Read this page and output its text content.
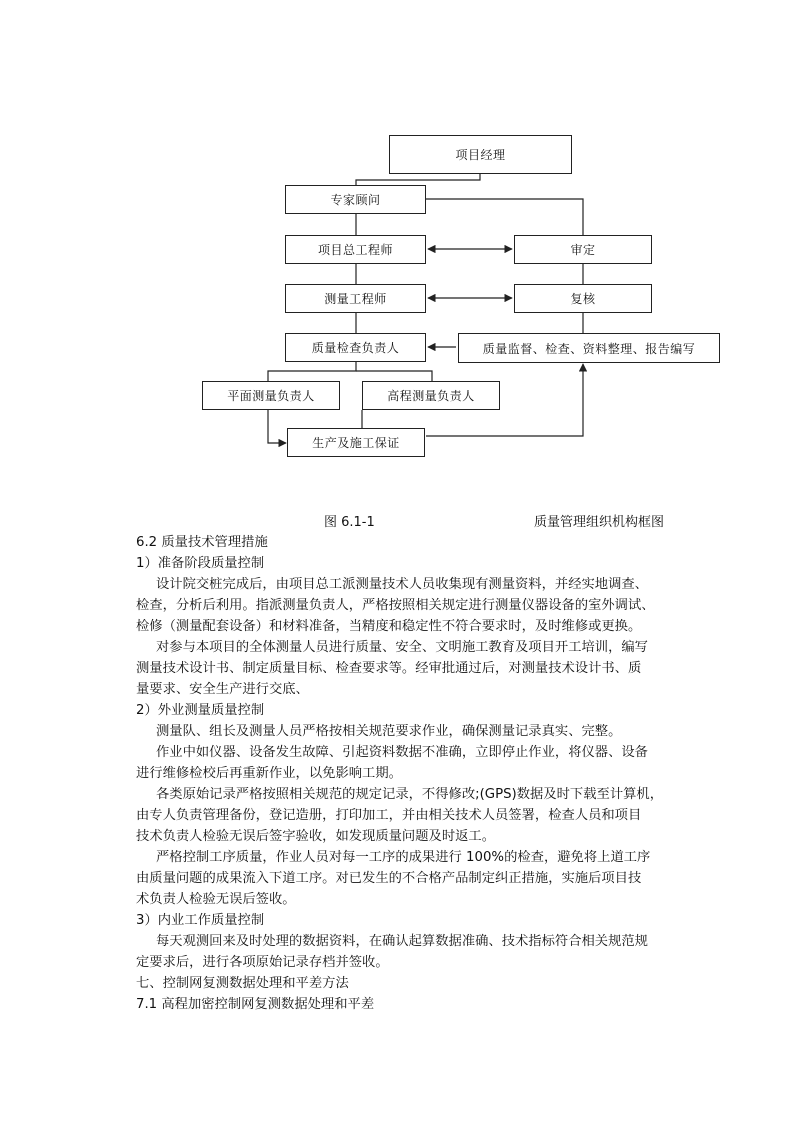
项目经理
专家顾问
项目总工程师	审定
测量工程师	复核
质量检查负责人	质量监督、检查、资料整理、报告编写
平面测量负责人	高程测量负责人
生产及施工保证
图 6.1-1	质量管理组织机构框图
6.2 质量技术管理措施
1）准备阶段质量控制
设计院交桩完成后，由项目总工派测量技术人员收集现有测量资料，并经实地调查、
检查，分析后利用。指派测量负责人，严格按照相关规定进行测量仪器设备的室外调试、
检修（测量配套设备）和材料准备，当精度和稳定性不符合要求时，及时维修或更换。
对参与本项目的全体测量人员进行质量、安全、文明施工教育及项目开工培训，编写
测量技术设计书、制定质量目标、检查要求等。经审批通过后，对测量技术设计书、质
量要求、安全生产进行交底、
2）外业测量质量控制
测量队、组长及测量人员严格按相关规范要求作业，确保测量记录真实、完整。
作业中如仪器、设备发生故障、引起资料数据不准确，立即停止作业，将仪器、设备
进行维修检校后再重新作业，以免影响工期。
各类原始记录严格按照相关规范的规定记录，不得修改;(GPS)数据及时下载至计算机，
由专人负责管理备份，登记造册，打印加工，并由相关技术人员签署，检查人员和项目
技术负责人检验无误后签字验收，如发现质量问题及时返工。
严格控制工序质量，作业人员对每一工序的成果进行 100%的检查，避免将上道工序
由质量问题的成果流入下道工序。对已发生的不合格产品制定纠正措施，实施后项目技
术负责人检验无误后签收。
3）内业工作质量控制
每天观测回来及时处理的数据资料，在确认起算数据准确、技术指标符合相关规范规
定要求后，进行各项原始记录存档并签收。
七、控制网复测数据处理和平差方法
7.1 高程加密控制网复测数据处理和平差
